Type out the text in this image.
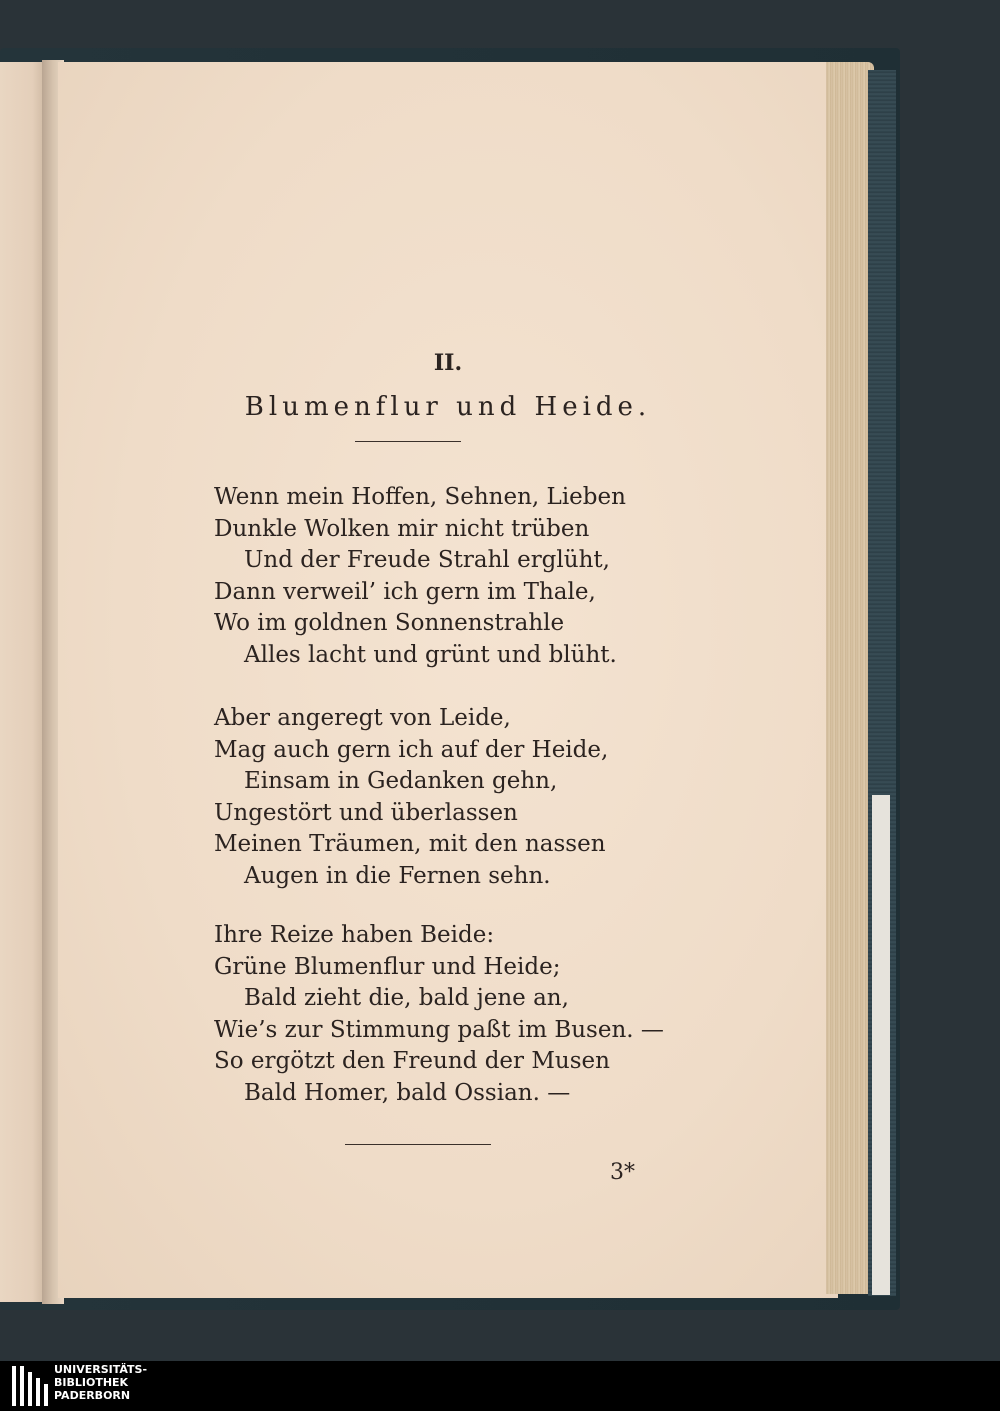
II.
Blumenflur und Heide.
Wenn mein Hoffen, Sehnen, Lieben
Dunkle Wolken mir nicht trüben
Und der Freude Strahl erglüht,
Dann verweil’ ich gern im Thale,
Wo im goldnen Sonnenstrahle
Alles lacht und grünt und blüht.
Aber angeregt von Leide,
Mag auch gern ich auf der Heide,
Einsam in Gedanken gehn,
Ungestört und überlassen
Meinen Träumen, mit den nassen
Augen in die Fernen sehn.
Ihre Reize haben Beide:
Grüne Blumenflur und Heide;
Bald zieht die, bald jene an,
Wie’s zur Stimmung paßt im Busen. —
So ergötzt den Freund der Musen
Bald Homer, bald Ossian. —
3*
UNIVERSITÄTS-
BIBLIOTHEK
PADERBORN
